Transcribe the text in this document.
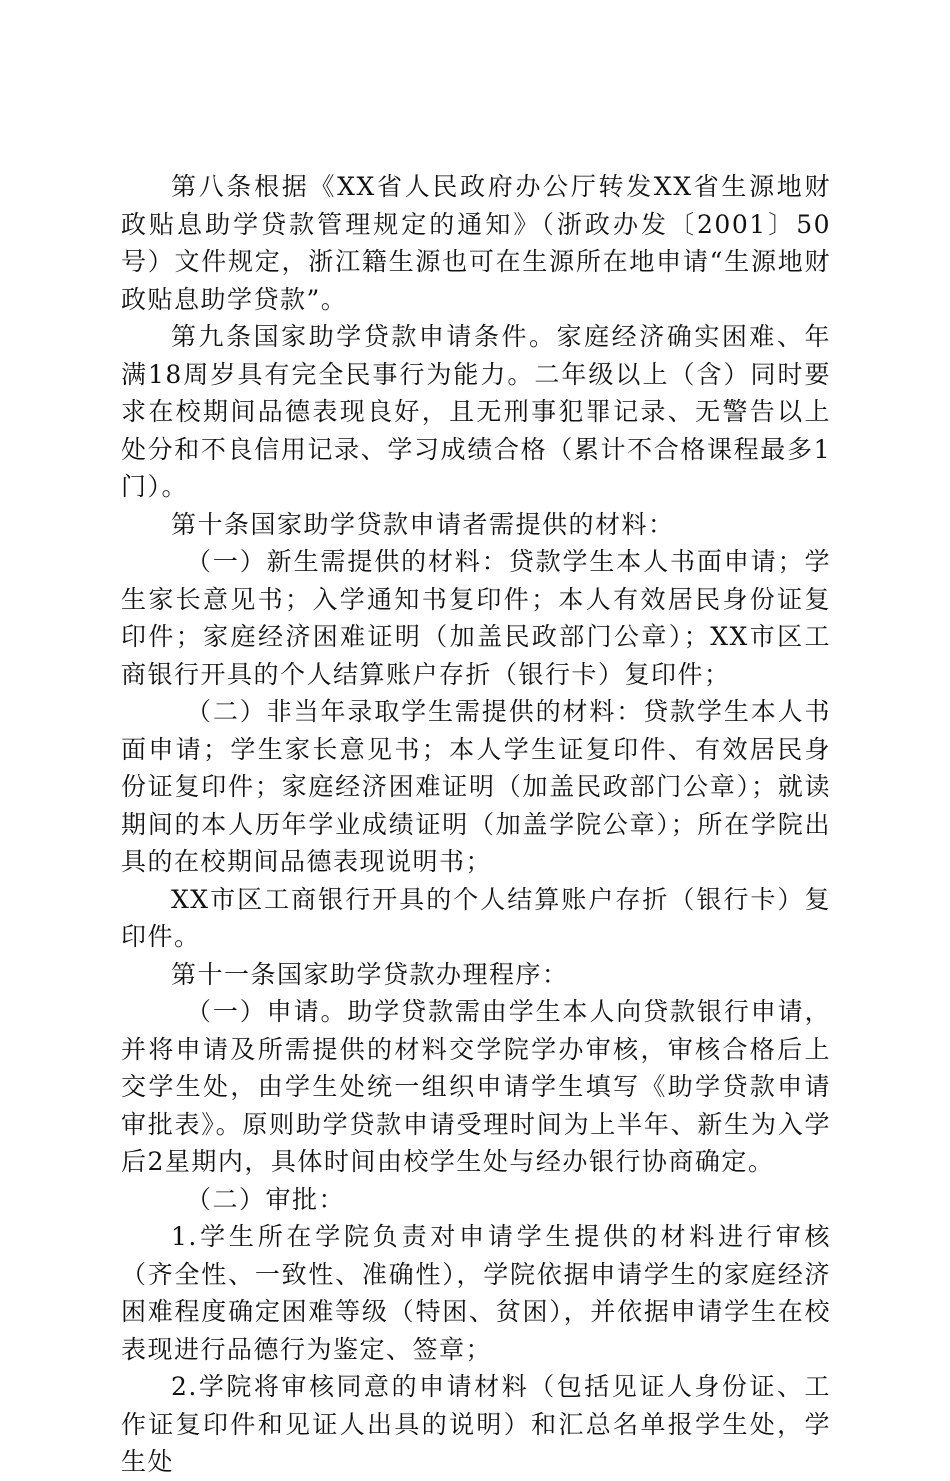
第八条根据《XX省人民政府办公厅转发XX省生源地财政贴息助学贷款管理规定的通知》（浙政办发〔2001〕50号）文件规定，浙江籍生源也可在生源所在地申请“生源地财政贴息助学贷款”。

第九条国家助学贷款申请条件。家庭经济确实困难、年满18周岁具有完全民事行为能力。二年级以上（含）同时要求在校期间品德表现良好，且无刑事犯罪记录、无警告以上处分和不良信用记录、学习成绩合格（累计不合格课程最多1门）。

第十条国家助学贷款申请者需提供的材料：

（一）新生需提供的材料：贷款学生本人书面申请；学生家长意见书；入学通知书复印件；本人有效居民身份证复印件；家庭经济困难证明（加盖民政部门公章）；XX市区工商银行开具的个人结算账户存折（银行卡）复印件；

（二）非当年录取学生需提供的材料：贷款学生本人书面申请；学生家长意见书；本人学生证复印件、有效居民身份证复印件；家庭经济困难证明（加盖民政部门公章）；就读期间的本人历年学业成绩证明（加盖学院公章）；所在学院出具的在校期间品德表现说明书；

XX市区工商银行开具的个人结算账户存折（银行卡）复印件。

第十一条国家助学贷款办理程序：

（一）申请。助学贷款需由学生本人向贷款银行申请，并将申请及所需提供的材料交学院学办审核，审核合格后上交学生处，由学生处统一组织申请学生填写《助学贷款申请审批表》。原则助学贷款申请受理时间为上半年、新生为入学后2星期内，具体时间由校学生处与经办银行协商确定。

（二）审批：

1.学生所在学院负责对申请学生提供的材料进行审核（齐全性、一致性、准确性），学院依据申请学生的家庭经济困难程度确定困难等级（特困、贫困），并依据申请学生在校表现进行品德行为鉴定、签章；

2.学院将审核同意的申请材料（包括见证人身份证、工作证复印件和见证人出具的说明）和汇总名单报学生处，学生处
